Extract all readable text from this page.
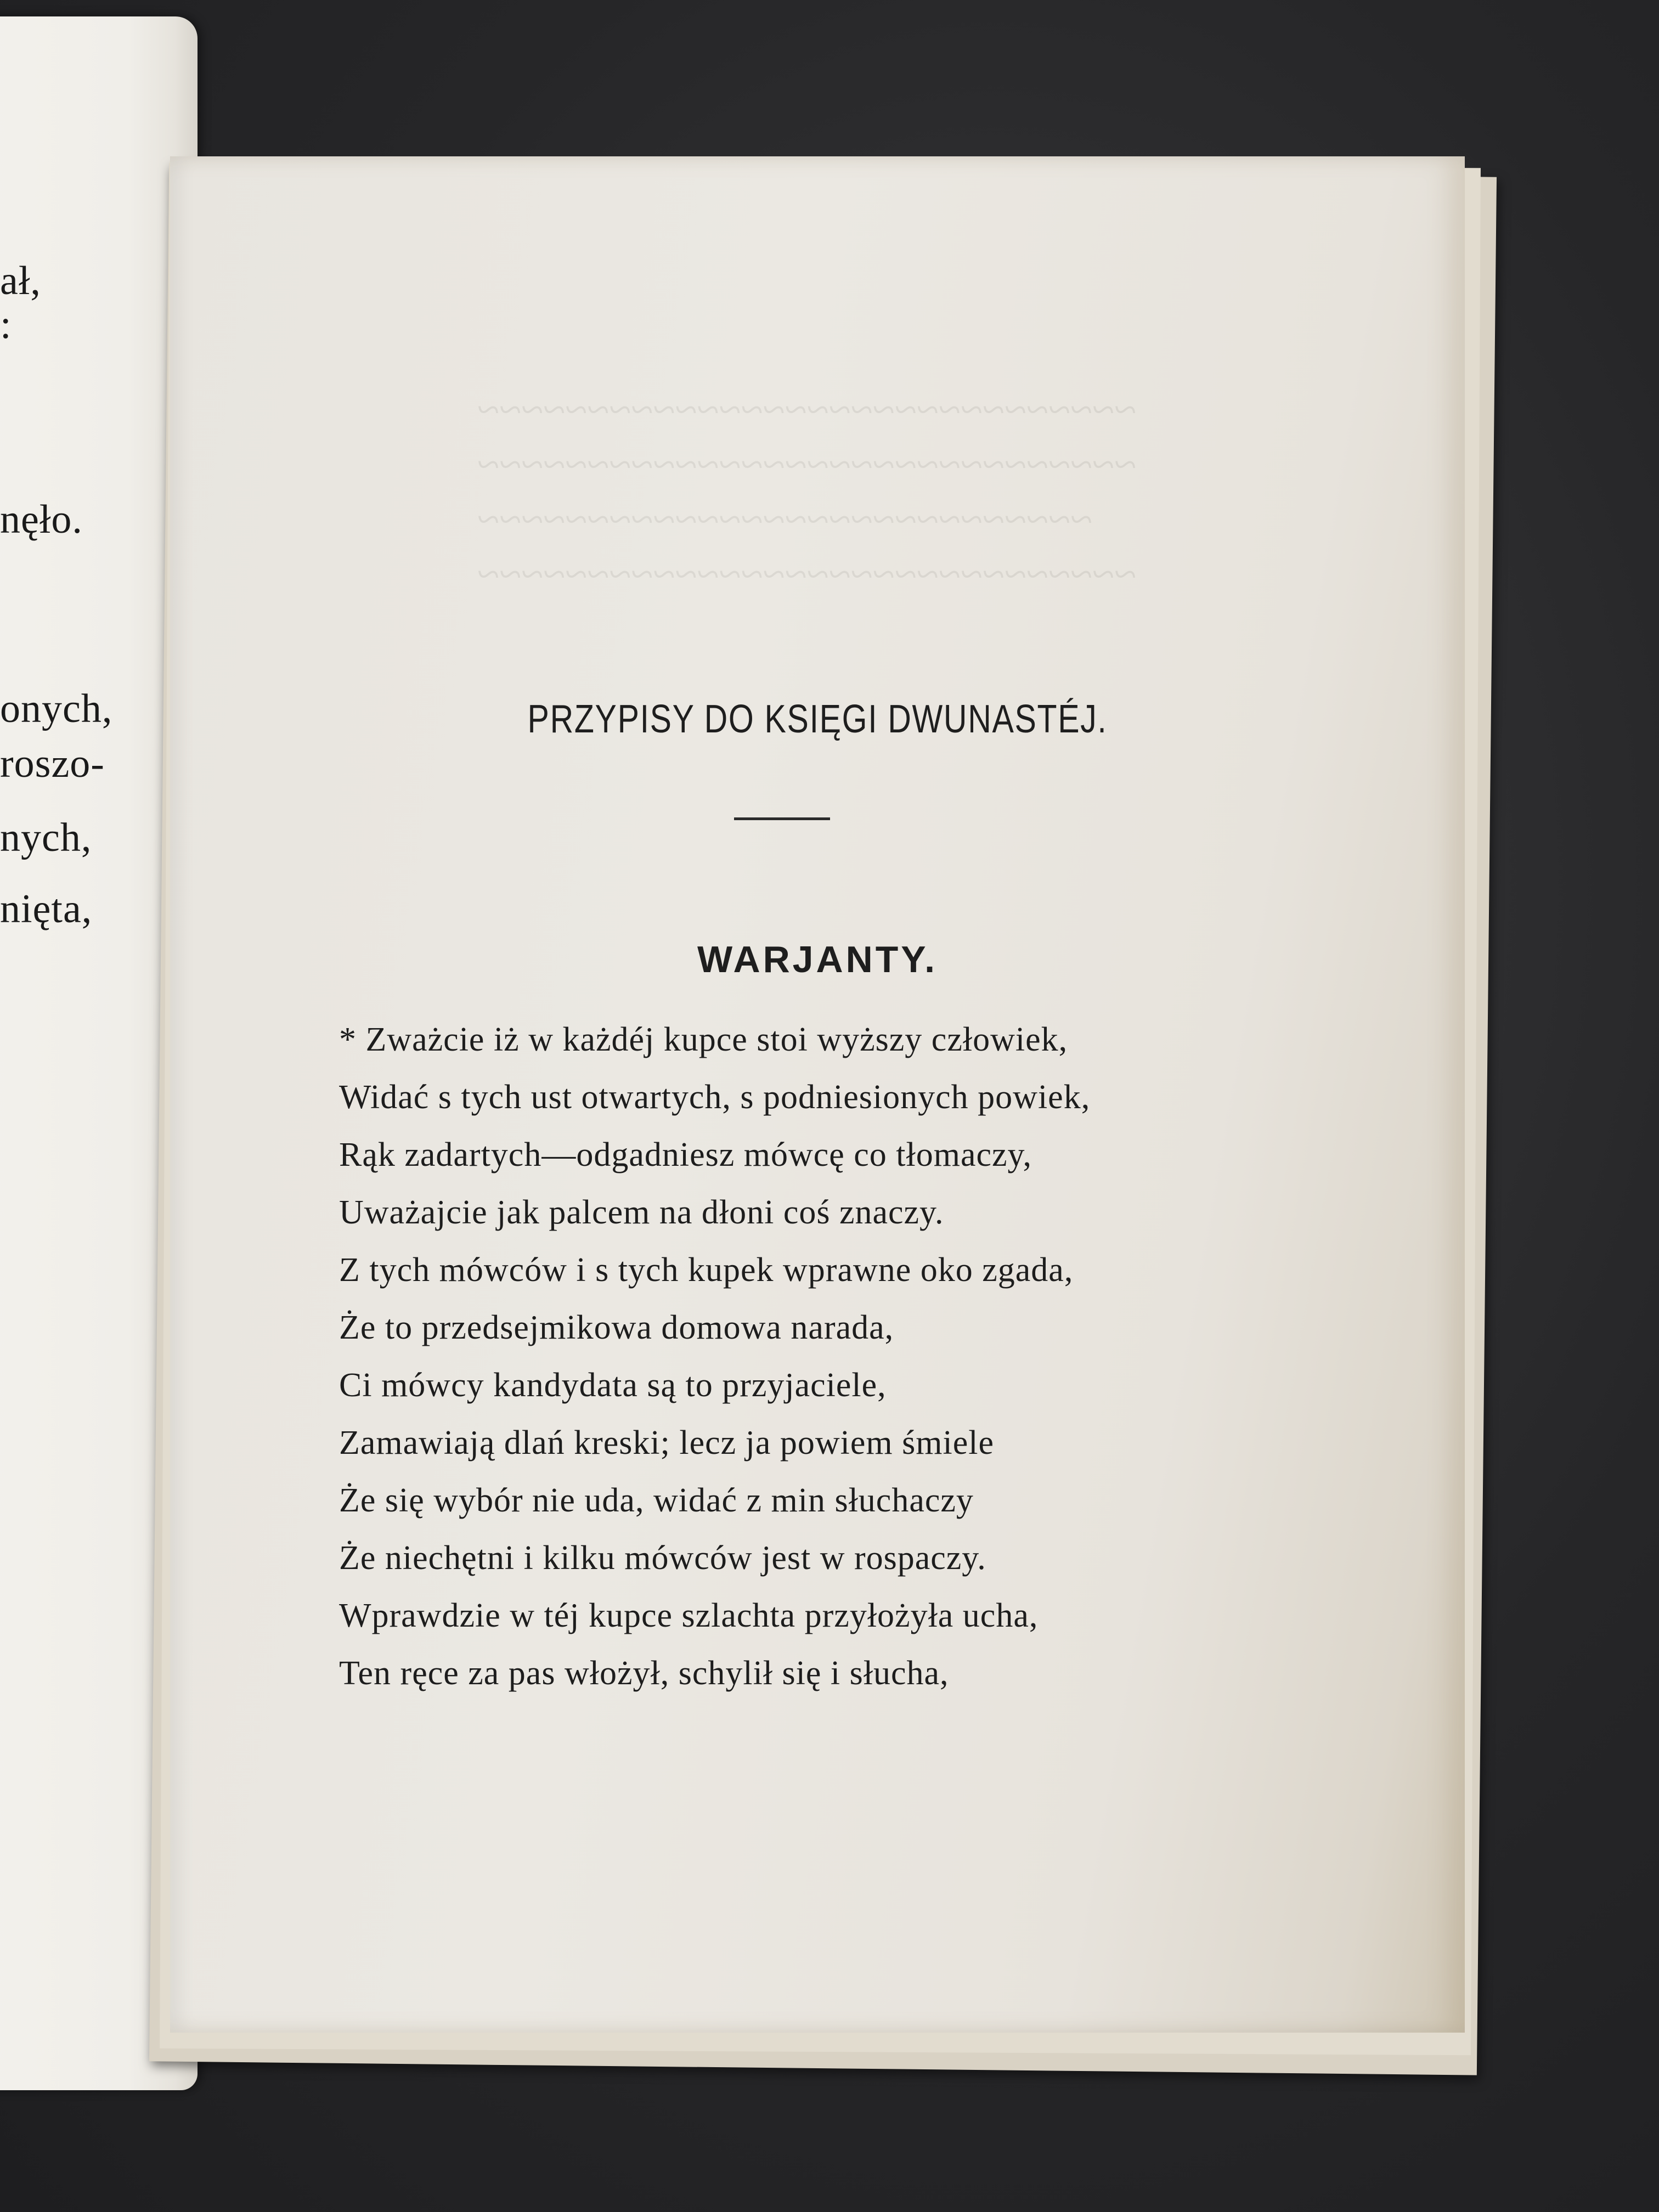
ał,
:
nęło.
onych,
roszo-
nych,
nięta,
~~~~~~~~~~~~~~~~~~~~~~~~~~~~~~
~~~~~~~~~~~~~~~~~~~~~~~~~~~~~~
~~~~~~~~~~~~~~~~~~~~~~~~~~~~
~~~~~~~~~~~~~~~~~~~~~~~~~~~~~~
PRZYPISY DO KSIĘGI DWUNASTÉJ.
WARJANTY.
* Zważcie iż w każdéj kupce stoi wyższy człowiek,
Widać s tych ust otwartych, s podniesionych powiek,
Rąk zadartych—odgadniesz mówcę co tłomaczy,
Uważajcie jak palcem na dłoni coś znaczy.
Z tych mówców i s tych kupek wprawne oko zgada,
Że to przedsejmikowa domowa narada,
Ci mówcy kandydata są to przyjaciele,
Zamawiają dlań kreski; lecz ja powiem śmiele
Że się wybór nie uda, widać z min słuchaczy
Że niechętni i kilku mówców jest w rospaczy.
Wprawdzie w téj kupce szlachta przyłożyła ucha,
Ten ręce za pas włożył, schylił się i słucha,
